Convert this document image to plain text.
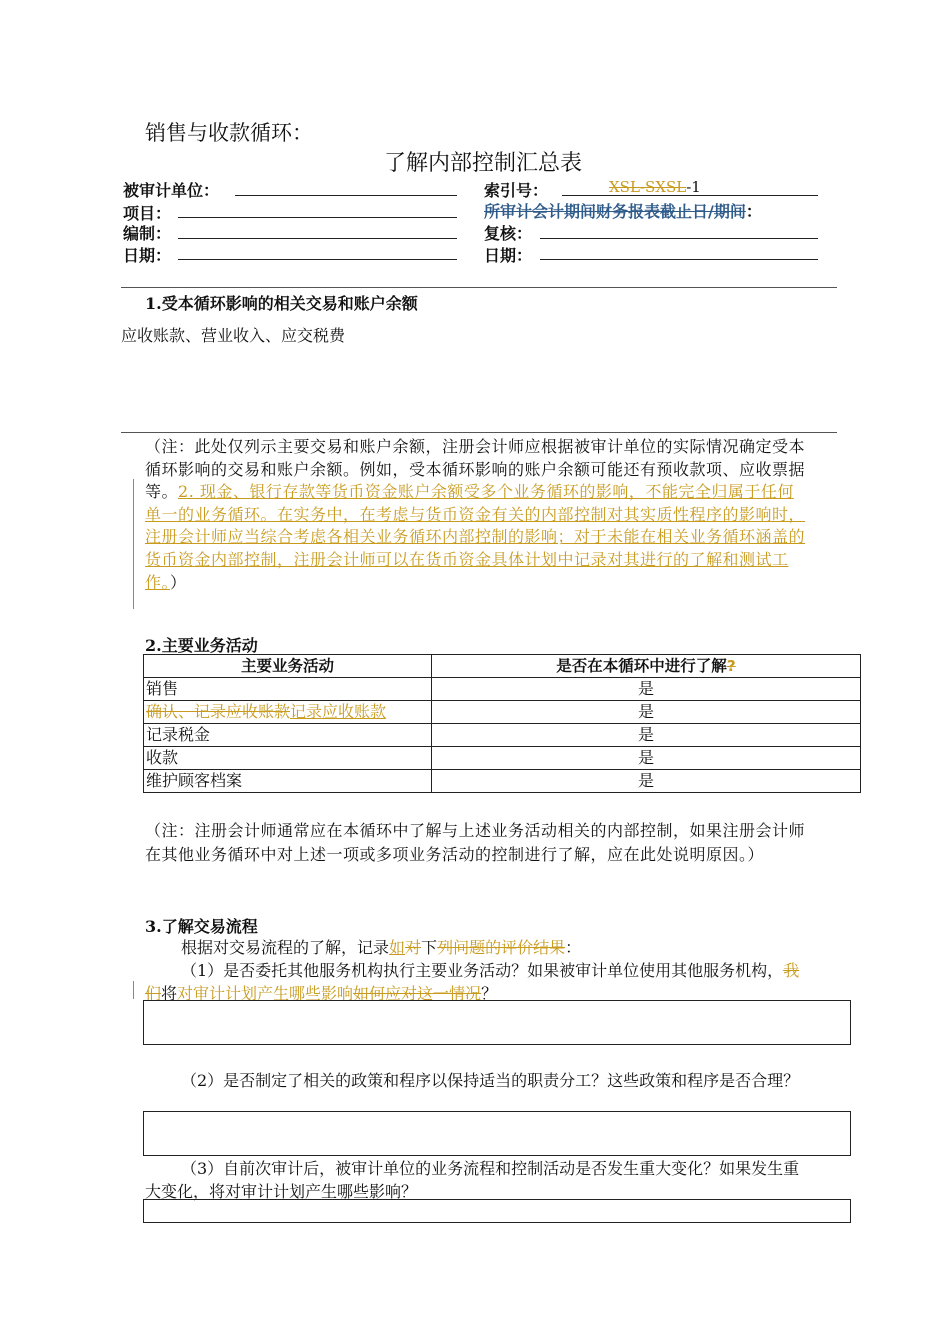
销售与收款循环：
了解内部控制汇总表
被审计单位：
项目：
编制：
日期：
索引号：	XSL-SXSL-1
所审计会计期间财务报表截止日/期间：
复核：
日期：
1.受本循环影响的相关交易和账户余额
应收账款、营业收入、应交税费
（注：此处仅列示主要交易和账户余额，注册会计师应根据被审计单位的实际情况确定受本循环影响的交易和账户余额。例如，受本循环影响的账户余额可能还有预收款项、应收票据等。2. 现金、银行存款等货币资金账户余额受多个业务循环的影响，不能完全归属于任何单一的业务循环。在实务中，在考虑与货币资金有关的内部控制对其实质性程序的影响时，注册会计师应当综合考虑各相关业务循环内部控制的影响；对于未能在相关业务循环涵盖的货币资金内部控制，注册会计师可以在货币资金具体计划中记录对其进行的了解和测试工作。）
2.主要业务活动
主要业务活动	是否在本循环中进行了解?
销售	是
确认、记录应收账款记录应收账款	是
记录税金	是
收款	是
维护顾客档案	是
（注：注册会计师通常应在本循环中了解与上述业务活动相关的内部控制，如果注册会计师在其他业务循环中对上述一项或多项业务活动的控制进行了解，应在此处说明原因。）
3.了解交易流程
根据对交易流程的了解，记录如对下列问题的评价结果：
（1）是否委托其他服务机构执行主要业务活动？如果被审计单位使用其他服务机构，我们将对审计计划产生哪些影响如何应对这一情况？
（2）是否制定了相关的政策和程序以保持适当的职责分工？这些政策和程序是否合理？
（3）自前次审计后，被审计单位的业务流程和控制活动是否发生重大变化？如果发生重大变化，将对审计计划产生哪些影响？
